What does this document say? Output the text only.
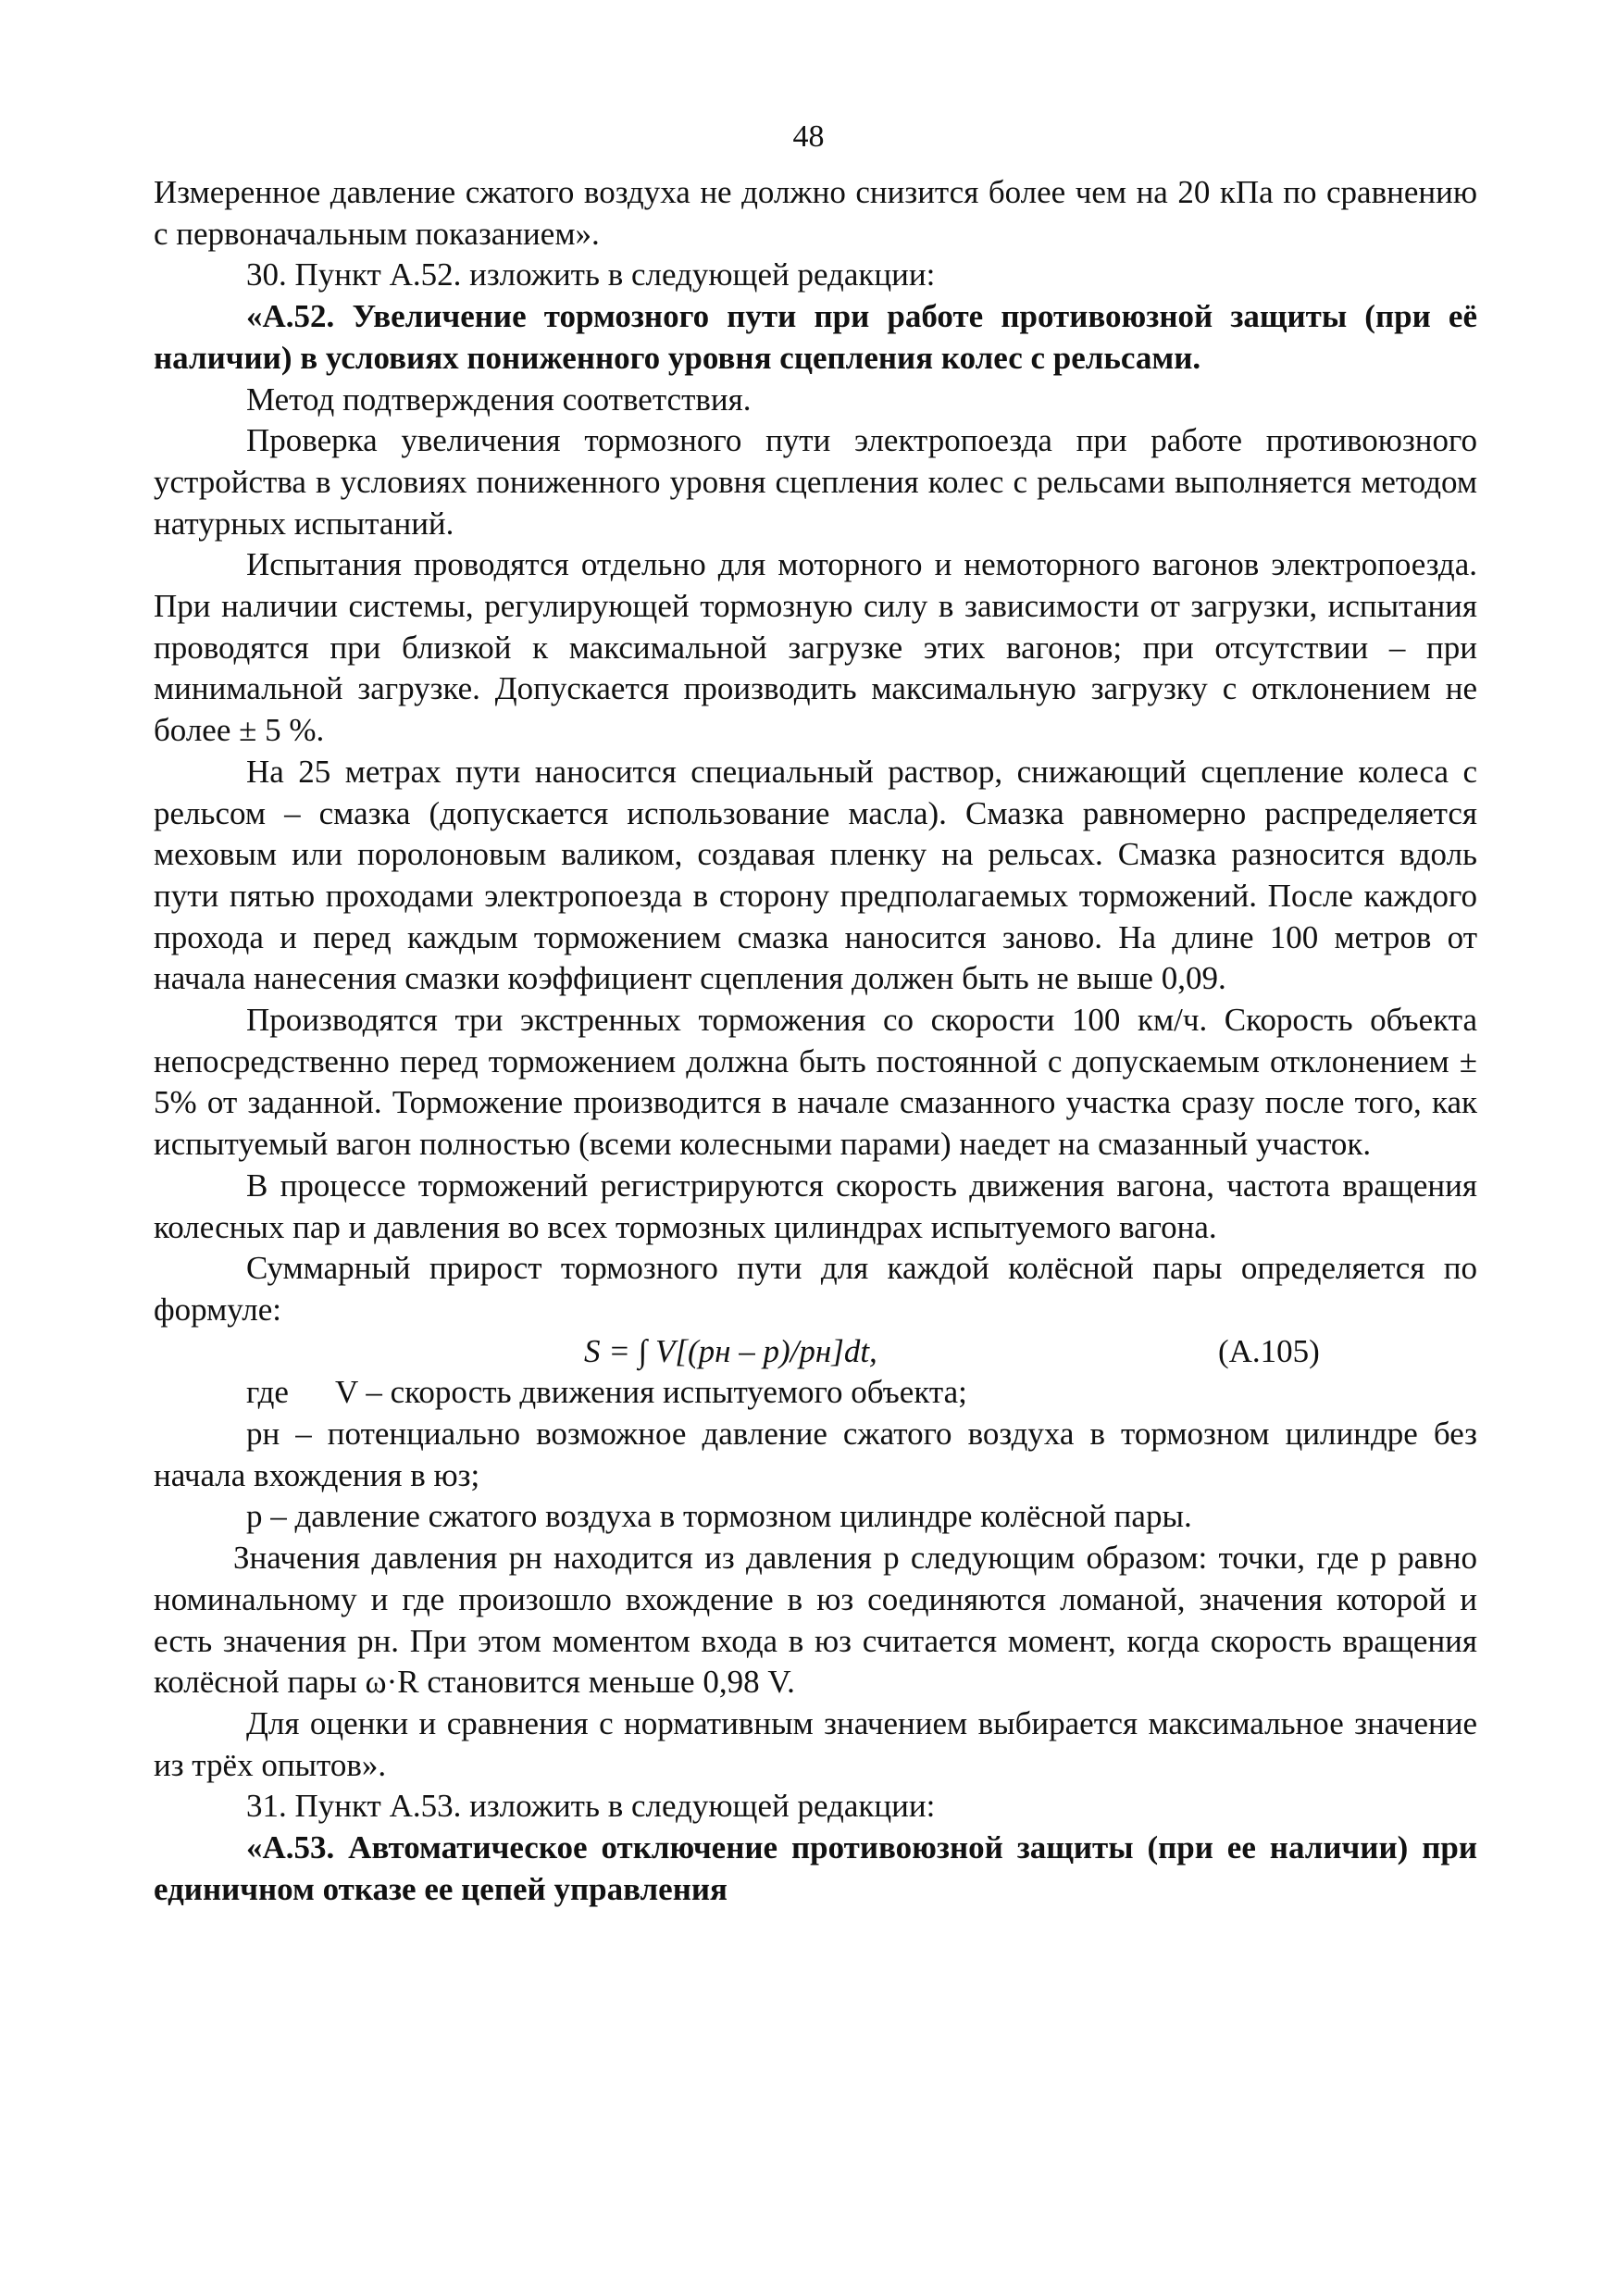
48

Измеренное давление сжатого воздуха не должно снизится более чем на 20 кПа по сравнению с первоначальным показанием».

30. Пункт А.52. изложить в следующей редакции:

«А.52. Увеличение тормозного пути при работе противоюзной защиты (при её наличии) в условиях пониженного уровня сцепления колес с рельсами.

Метод подтверждения соответствия.

Проверка увеличения тормозного пути электропоезда при работе противоюзного устройства в условиях пониженного уровня сцепления колес с рельсами выполняется методом натурных испытаний.

Испытания проводятся отдельно для моторного и немоторного вагонов электропоезда. При наличии системы, регулирующей тормозную силу в зависимости от загрузки, испытания проводятся при близкой к максимальной загрузке этих вагонов; при отсутствии – при минимальной загрузке. Допускается производить максимальную загрузку с отклонением не более ± 5 %.

На 25 метрах пути наносится специальный раствор, снижающий сцепление колеса с рельсом – смазка (допускается использование масла). Смазка равномерно распределяется меховым или поролоновым валиком, создавая пленку на рельсах. Смазка разносится вдоль пути пятью проходами электропоезда в сторону предполагаемых торможений. После каждого прохода и перед каждым торможением смазка наносится заново. На длине 100 метров от начала нанесения смазки коэффициент сцепления должен быть не выше 0,09.

Производятся три экстренных торможения со скорости 100 км/ч. Скорость объекта непосредственно перед торможением должна быть постоянной с допускаемым отклонением ± 5% от заданной. Торможение производится в начале смазанного участка сразу после того, как испытуемый вагон полностью (всеми колесными парами) наедет на смазанный участок.

В процессе торможений регистрируются скорость движения вагона, частота вращения колесных пар и давления во всех тормозных цилиндрах испытуемого вагона.

Суммарный прирост тормозного пути для каждой колёсной пары определяется по формуле:

S = ∫ V[(pн – p)/pн]dt,	(А.105)
где V – скорость движения испытуемого объекта;

pн – потенциально возможное давление сжатого воздуха в тормозном цилиндре без начала вхождения в юз;

p – давление сжатого воздуха в тормозном цилиндре колёсной пары.

Значения давления pн находится из давления р следующим образом: точки, где р равно номинальному и где произошло вхождение в юз соединяются ломаной, значения которой и есть значения pн. При этом моментом входа в юз считается момент, когда скорость вращения колёсной пары ω·R становится меньше 0,98 V.

Для оценки и сравнения с нормативным значением выбирается максимальное значение из трёх опытов».

31. Пункт А.53. изложить в следующей редакции:

«А.53. Автоматическое отключение противоюзной защиты (при ее наличии) при единичном отказе ее цепей управления
